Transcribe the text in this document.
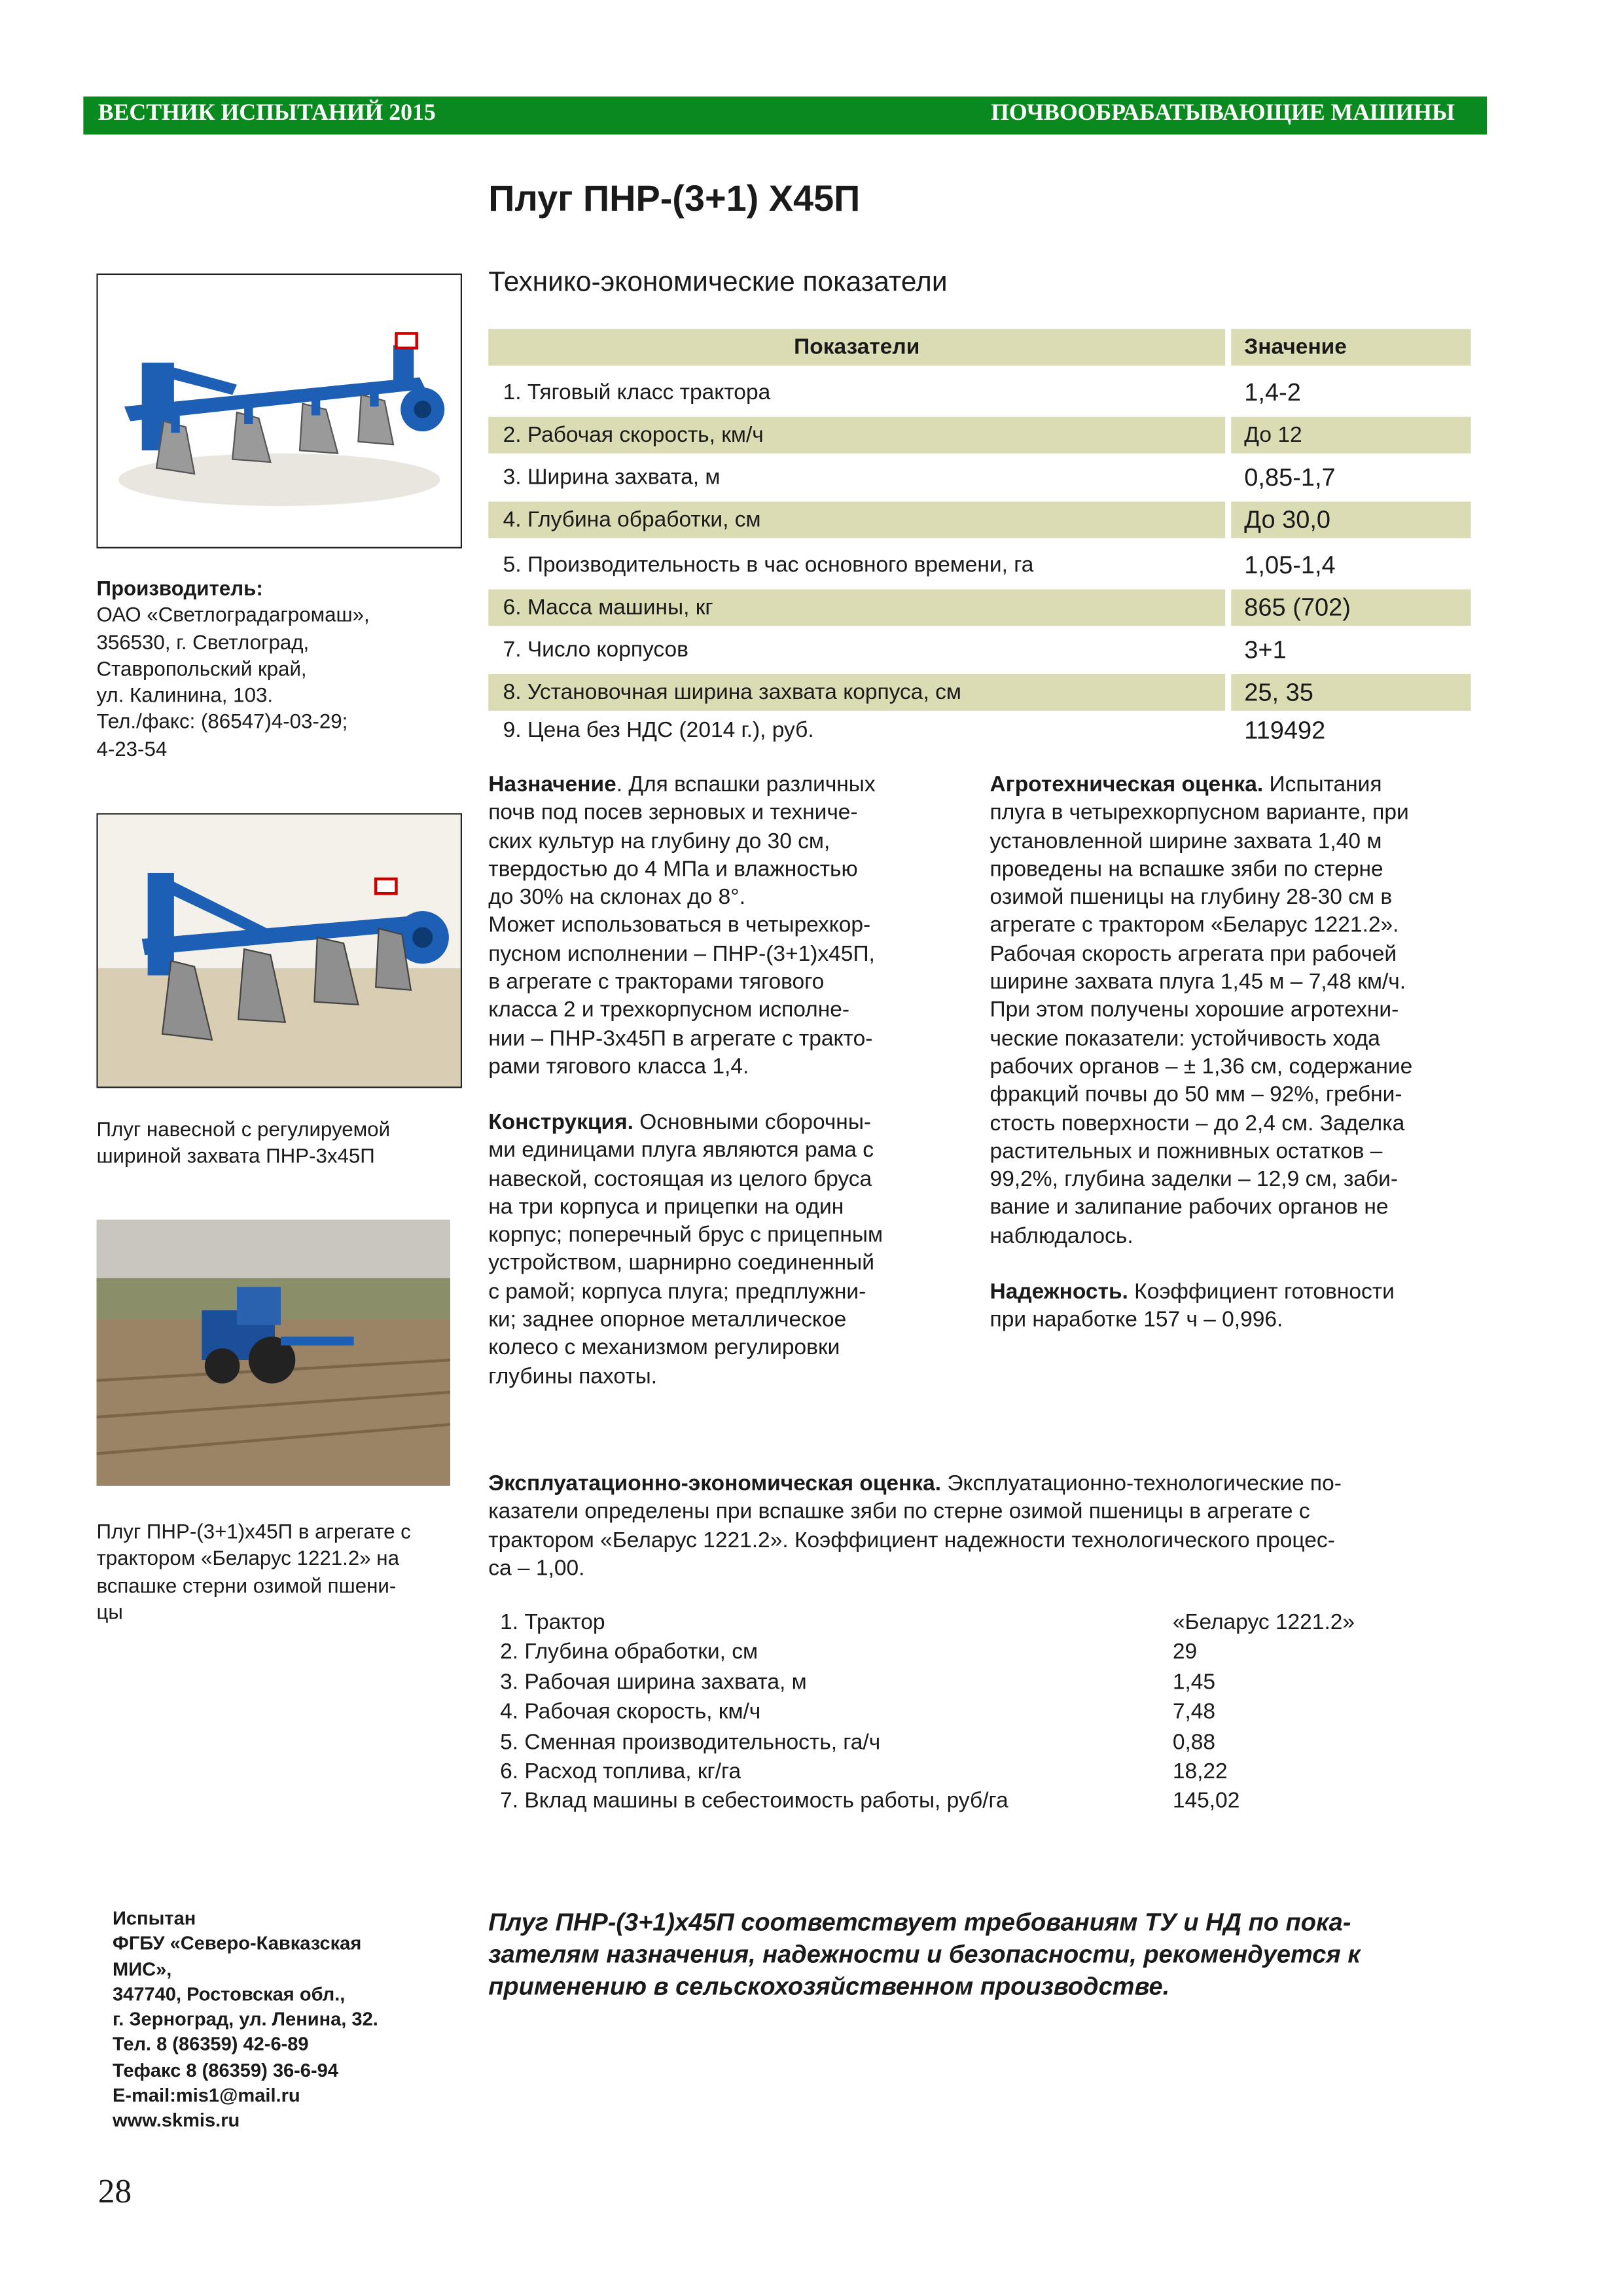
ВЕСТНИК ИСПЫТАНИЙ 2015	ПОЧВООБРАБАТЫВАЮЩИЕ МАШИНЫ
Плуг ПНР-(3+1) Х45П
Технико-экономические показатели
Показатели	Значение
1. Тяговый класс трактора	1,4-2
2. Рабочая скорость, км/ч	До 12
3. Ширина захвата, м	0,85-1,7
4. Глубина обработки, см	До 30,0
5. Производительность в час основного времени, га	1,05-1,4
6. Масса машины, кг	865 (702)
7. Число корпусов	3+1
8. Установочная ширина захвата корпуса, см	25, 35
9. Цена без НДС (2014 г.), руб.	119492
Производитель:
ОАО «Светлоградагромаш»,
356530, г. Светлоград,
Ставропольский край,
ул. Калинина, 103.
Тел./факс: (86547)4-03-29;
4-23-54
Плуг навесной с регулируемой
шириной захвата ПНР-3х45П
Плуг ПНР-(3+1)х45П в агрегате с
трактором «Беларус 1221.2» на
вспашке стерни озимой пшени-
цы
Назначение. Для вспашки различных
почв под посев зерновых и техниче-
ских культур на глубину до 30 см,
твердостью до 4 МПа и влажностью
до 30% на склонах до 8°.
Может использоваться в четырехкор-
пусном исполнении – ПНР-(3+1)х45П,
в агрегате с тракторами тягового
класса 2 и трехкорпусном исполне-
нии – ПНР-3х45П в агрегате с тракто-
рами тягового класса 1,4.
Конструкция. Основными сборочны-
ми единицами плуга являются рама с
навеской, состоящая из целого бруса
на три корпуса и прицепки на один
корпус; поперечный брус с прицепным
устройством, шарнирно соединенный
с рамой; корпуса плуга; предплужни-
ки; заднее опорное металлическое
колесо с механизмом регулировки
глубины пахоты.
Агротехническая оценка. Испытания
плуга в четырехкорпусном варианте, при
установленной ширине захвата 1,40 м
проведены на вспашке зяби по стерне
озимой пшеницы на глубину 28-30 см в
агрегате с трактором «Беларус 1221.2».
Рабочая скорость агрегата при рабочей
ширине захвата плуга 1,45 м – 7,48 км/ч.
При этом получены хорошие агротехни-
ческие показатели: устойчивость хода
рабочих органов – ± 1,36 см, содержание
фракций почвы до 50 мм – 92%, гребни-
стость поверхности – до 2,4 см. Заделка
растительных и пожнивных остатков –
99,2%, глубина заделки – 12,9 см, заби-
вание и залипание рабочих органов не
наблюдалось.
Надежность. Коэффициент готовности
при наработке 157 ч – 0,996.
Эксплуатационно-экономическая оценка. Эксплуатационно-технологические по-
казатели определены при вспашке зяби по стерне озимой пшеницы в агрегате с
трактором «Беларус 1221.2». Коэффициент надежности технологического процес-
са – 1,00.
1. Трактор	«Беларус 1221.2»
2. Глубина обработки, см	29
3. Рабочая ширина захвата, м	1,45
4. Рабочая скорость, км/ч	7,48
5. Сменная производительность, га/ч	0,88
6. Расход топлива, кг/га	18,22
7. Вклад машины в себестоимость работы, руб/га	145,02
Испытан
ФГБУ «Северо-Кавказская
МИС»,
347740, Ростовская обл.,
г. Зерноград, ул. Ленина, 32.
Тел. 8 (86359) 42-6-89
Тефакс 8 (86359) 36-6-94
E-mail:mis1@mail.ru
www.skmis.ru
Плуг ПНР-(3+1)х45П соответствует требованиям ТУ и НД по пока-
зателям назначения, надежности и безопасности, рекомендуется к
применению в сельскохозяйственном производстве.
28
